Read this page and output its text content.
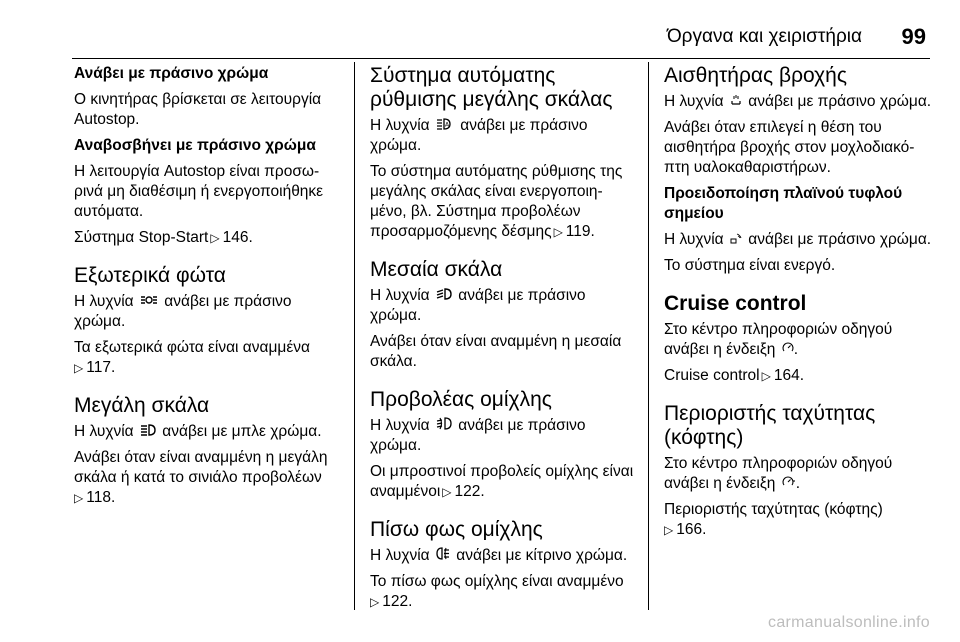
Όργανα και χειριστήρια 99
Ανάβει με πράσινο χρώμα
Ο κινητήρας βρίσκεται σε λειτουργία Autostop.
Αναβοσβήνει με πράσινο χρώμα
Η λειτουργία Autostop είναι προσω-ρινά μη διαθέσιμη ή ενεργοποιήθηκε αυτόματα.
Σύστημα Stop-Start ▷ 146.
Εξωτερικά φώτα
Η λυχνία ανάβει με πράσινο χρώμα.
Τα εξωτερικά φώτα είναι αναμμένα
▷ 117.
Μεγάλη σκάλα
Η λυχνία ανάβει με μπλε χρώμα.
Ανάβει όταν είναι αναμμένη η μεγάλη σκάλα ή κατά το σινιάλο προβολέων
▷ 118.
Σύστημα αυτόματης
ρύθμισης μεγάλης σκάλας
Η λυχνία	A ανάβει με πράσινο χρώμα.
Το σύστημα αυτόματης ρύθμισης της μεγάλης σκάλας είναι ενεργοποιη-μένο, βλ. Σύστημα προβολέων προσαρμοζόμενης δέσμης ▷ 119.
Μεσαία σκάλα
Η λυχνία ανάβει με πράσινο χρώμα.
Ανάβει όταν είναι αναμμένη η μεσαία σκάλα.
Προβολέας ομίχλης
Η λυχνία ανάβει με πράσινο χρώμα.
Οι μπροστινοί προβολείς ομίχλης είναι αναμμένοι ▷ 122.
Πίσω φως ομίχλης
Η λυχνία ανάβει με κίτρινο χρώμα.
Το πίσω φως ομίχλης είναι αναμμένο
▷ 122.
Αισθητήρας βροχής
Η λυχνία ανάβει με πράσινο χρώμα.
Ανάβει όταν επιλεγεί η θέση του αισθητήρα βροχής στον μοχλοδιακό-πτη υαλοκαθαριστήρων.
Προειδοποίηση πλαϊνού τυφλού σημείου
Η λυχνία ανάβει με πράσινο χρώμα.
Το σύστημα είναι ενεργό.
Cruise control
Στο κέντρο πληροφοριών οδηγού ανάβει η ένδειξη .
Cruise control ▷ 164.
Περιοριστής ταχύτητας
(κόφτης)
Στο κέντρο πληροφοριών οδηγού ανάβει η ένδειξη .
Περιοριστής ταχύτητας (κόφτης)
▷ 166.
carmanualsonline.info
